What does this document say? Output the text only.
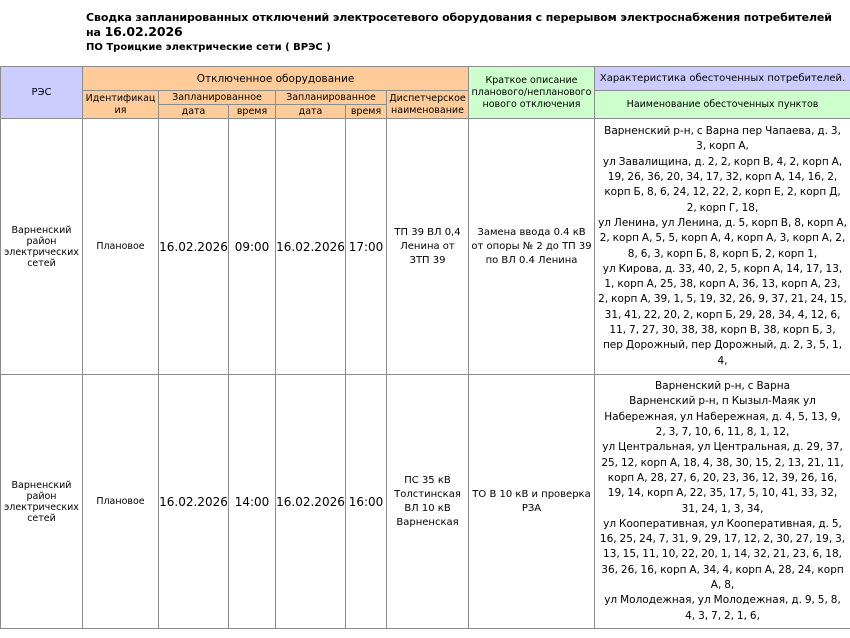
Сводка запланированных отключений электросетевого оборудования с перерывом электроснабжения потребителей на 16.02.2026
ПО Троицкие электрические сети ( ВРЭС )
РЭС	Отключенное оборудование						Краткое описание планового/непланового нового отключения	Характеристика обесточенных потребителей.
	Идентификация	Запланированное		Запланированное		Диспетчерское наименование		Наименование обесточенных пунктов
		дата	время	дата	время			
Варненский район электрических сетей	Плановое	16.02.2026	09:00	16.02.2026	17:00	ТП 39 ВЛ 0,4 Ленина от ЗТП 39	Замена ввода 0.4 кВ от опоры № 2 до ТП 39 по ВЛ 0.4 Ленина	Варненский р-н, с Варна пер Чапаева, д. 3, 3, корп А,
ул Завалищина, д. 2, 2, корп В, 4, 2, корп А, 19, 26, 36, 20, 34, 17, 32, корп А, 14, 16, 2, корп Б, 8, 6, 24, 12, 22, 2, корп Е, 2, корп Д, 2, корп Г, 18,
ул Ленина, ул Ленина, д. 5, корп В, 8, корп А, 2, корп А, 5, 5, корп А, 4, корп А, 3, корп А, 2, 8, 6, 3, корп Б, 8, корп Б, 2, корп 1,
ул Кирова, д. 33, 40, 2, 5, корп А, 14, 17, 13, 1, корп А, 25, 38, корп А, 36, 13, корп А, 23, 2, корп А, 39, 1, 5, 19, 32, 26, 9, 37, 21, 24, 15, 31, 41, 22, 20, 2, корп Б, 29, 28, 34, 4, 12, 6, 11, 7, 27, 30, 38, 38, корп В, 38, корп Б, 3,
пер Дорожный, пер Дорожный, д. 2, 3, 5, 1, 4,
Варненский район электрических сетей	Плановое	16.02.2026	14:00	16.02.2026	16:00	ПС 35 кВ Толстинская ВЛ 10 кВ Варненская	ТО В 10 кВ и проверка РЗА	Варненский р-н, с Варна
Варненский р-н, п Кызыл-Маяк ул Набережная, ул Набережная, д. 4, 5, 13, 9, 2, 3, 7, 10, 6, 11, 8, 1, 12,
ул Центральная, ул Центральная, д. 29, 37, 25, 12, корп А, 18, 4, 38, 30, 15, 2, 13, 21, 11, корп А, 28, 27, 6, 20, 23, 36, 12, 39, 26, 16, 19, 14, корп А, 22, 35, 17, 5, 10, 41, 33, 32, 31, 24, 1, 3, 34,
ул Кооперативная, ул Кооперативная, д. 5, 16, 25, 24, 7, 31, 9, 29, 17, 12, 2, 30, 27, 19, 3, 13, 15, 11, 10, 22, 20, 1, 14, 32, 21, 23, 6, 18, 36, 26, 16, корп А, 34, 4, корп А, 28, 24, корп А, 8,
ул Молодежная, ул Молодежная, д. 9, 5, 8, 4, 3, 7, 2, 1, 6,
